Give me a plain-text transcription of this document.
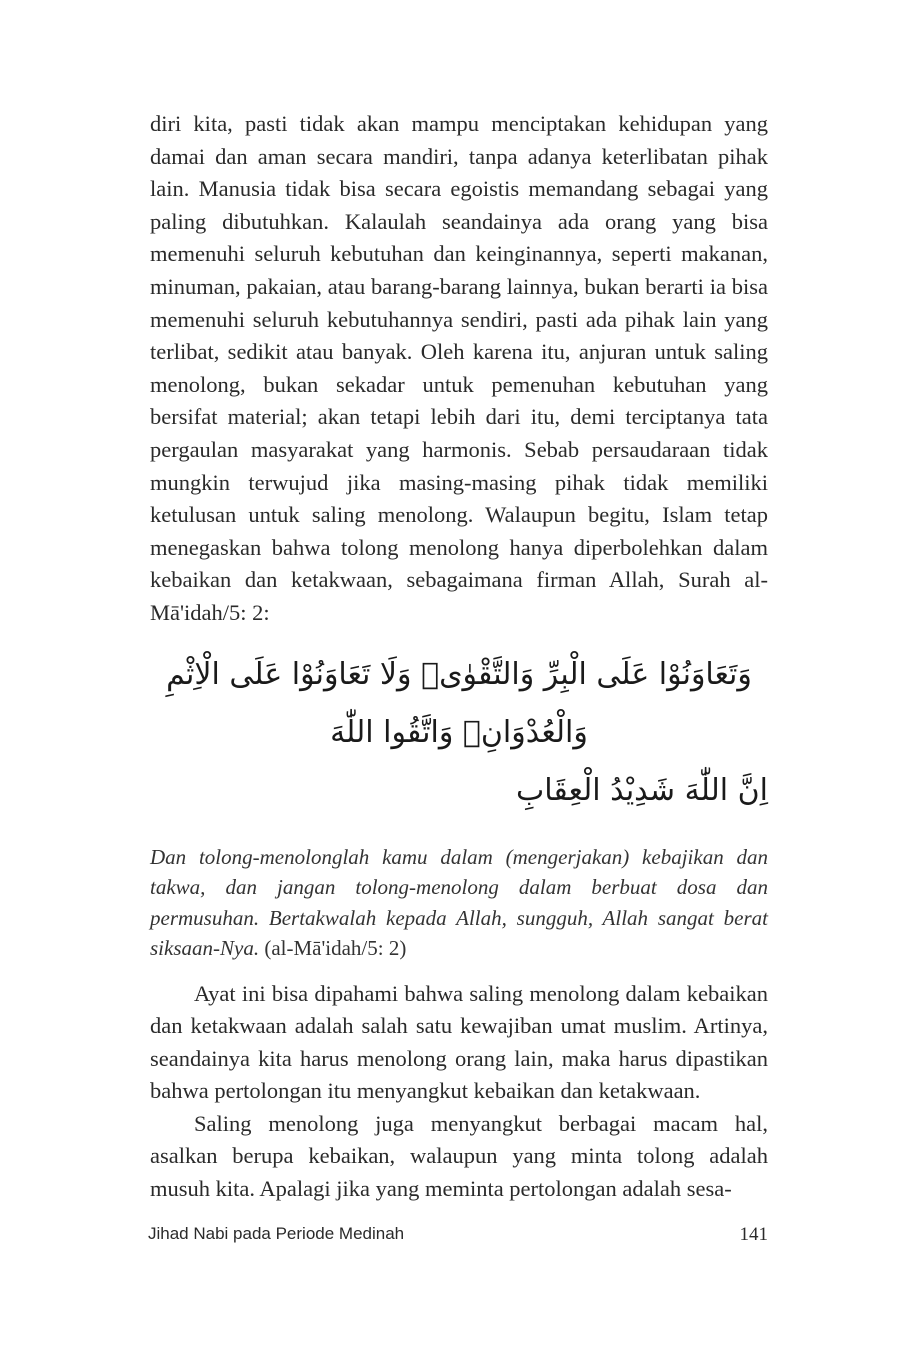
diri kita, pasti tidak akan mampu menciptakan kehidupan yang damai dan aman secara mandiri, tanpa adanya keterlibatan pihak lain. Manusia tidak bisa secara egoistis memandang sebagai yang paling dibutuhkan. Kalaulah seandainya ada orang yang bisa memenuhi seluruh kebutuhan dan keinginannya, seperti makanan, minuman, pakaian, atau barang-barang lainnya, bukan berarti ia bisa memenuhi seluruh kebutuhannya sendiri, pasti ada pihak lain yang terlibat, sedikit atau banyak. Oleh karena itu, anjuran untuk saling menolong, bukan sekadar untuk pemenuhan kebutuhan yang bersifat material; akan tetapi lebih dari itu, demi terciptanya tata pergaulan masyarakat yang harmonis. Sebab persaudaraan tidak mungkin terwujud jika masing-masing pihak tidak memiliki ketulusan untuk saling menolong. Walaupun begitu, Islam tetap menegaskan bahwa tolong menolong hanya diperbolehkan dalam kebaikan dan ketakwaan, sebagaimana firman Allah, Surah al-Mā'idah/5: 2:

وَتَعَاوَنُوْا عَلَى الْبِرِّ وَالتَّقْوٰىۖ وَلَا تَعَاوَنُوْا عَلَى الْاِثْمِ وَالْعُدْوَانِۖ وَاتَّقُوا اللّٰهَ
اِنَّ اللّٰهَ شَدِيْدُ الْعِقَابِ

Dan tolong-menolonglah kamu dalam (mengerjakan) kebajikan dan takwa, dan jangan tolong-menolong dalam berbuat dosa dan permusuhan. Bertakwalah kepada Allah, sungguh, Allah sangat berat siksaan-Nya. (al-Mā'idah/5: 2)

Ayat ini bisa dipahami bahwa saling menolong dalam kebaikan dan ketakwaan adalah salah satu kewajiban umat muslim. Artinya, seandainya kita harus menolong orang lain, maka harus dipastikan bahwa pertolongan itu menyangkut kebaikan dan ketakwaan.

Saling menolong juga menyangkut berbagai macam hal, asalkan berupa kebaikan, walaupun yang minta tolong adalah musuh kita. Apalagi jika yang meminta pertolongan adalah sesa-

Jihad Nabi pada Periode Medinah	141
